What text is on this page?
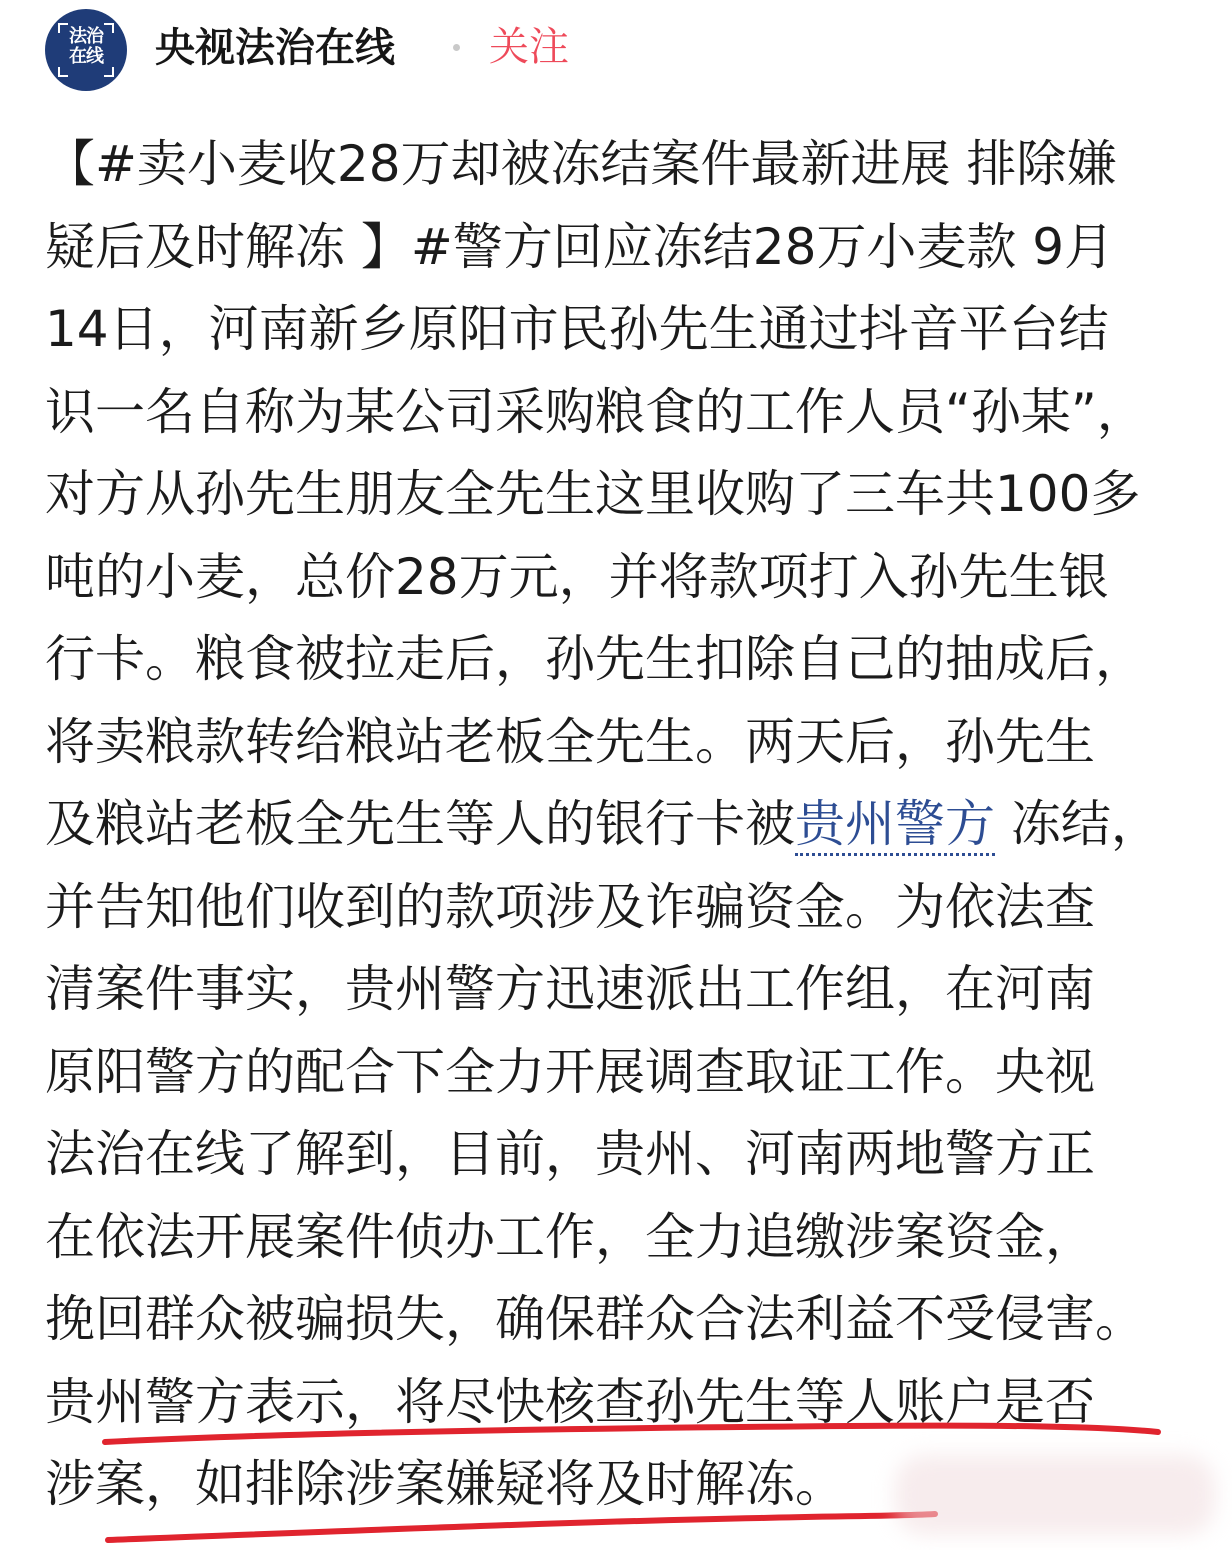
法治
在线 央视法治在线 关注
【#卖小麦收28万却被冻结案件最新进展 排除嫌
疑后及时解冻 】#警方回应冻结28万小麦款 9月
14日，河南新乡原阳市民孙先生通过抖音平台结
识一名自称为某公司采购粮食的工作人员“孙某”，
对方从孙先生朋友全先生这里收购了三车共100多
吨的小麦，总价28万元，并将款项打入孙先生银
行卡。粮食被拉走后，孙先生扣除自己的抽成后，
将卖粮款转给粮站老板全先生。两天后，孙先生
及粮站老板全先生等人的银行卡被贵州警方 冻结，
并告知他们收到的款项涉及诈骗资金。为依法查
清案件事实，贵州警方迅速派出工作组，在河南
原阳警方的配合下全力开展调查取证工作。央视
法治在线了解到，目前，贵州、河南两地警方正
在依法开展案件侦办工作，全力追缴涉案资金，
挽回群众被骗损失，确保群众合法利益不受侵害。
贵州警方表示，将尽快核查孙先生等人账户是否
涉案，如排除涉案嫌疑将及时解冻。
